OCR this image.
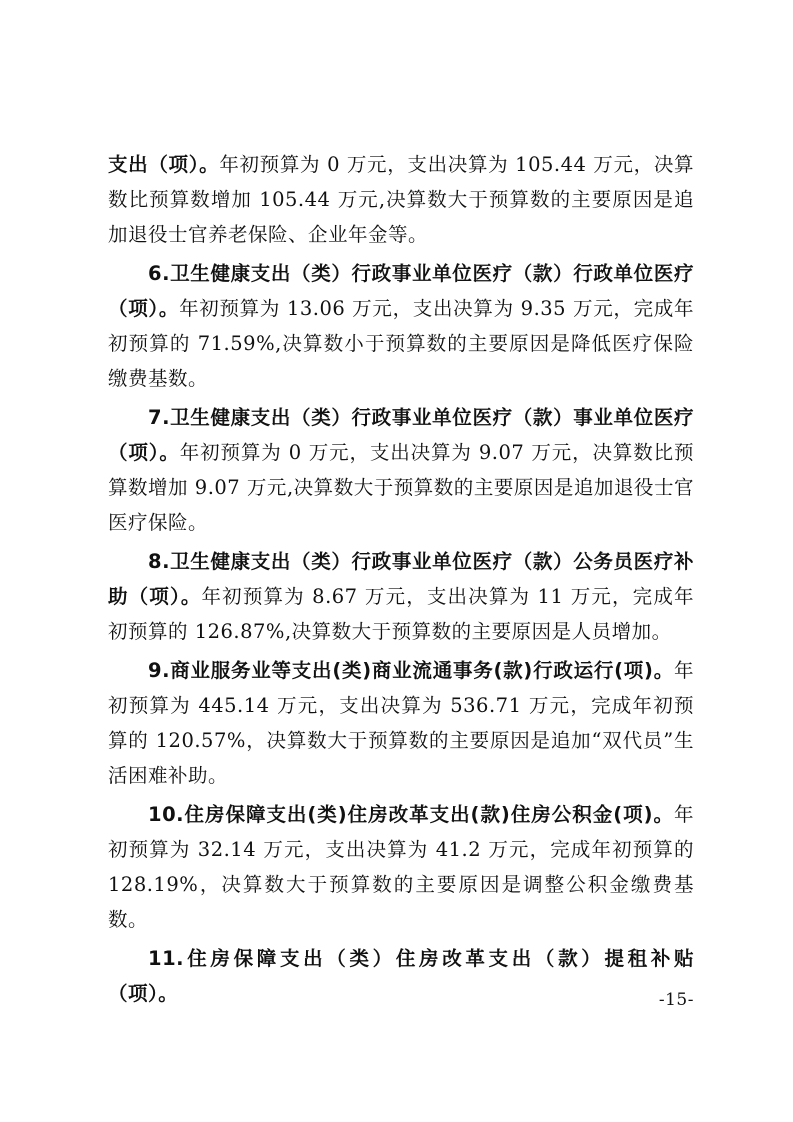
支出（项）。年初预算为 0 万元，支出决算为 105.44 万元，决算数比预算数增加 105.44 万元,决算数大于预算数的主要原因是追加退役士官养老保险、企业年金等。

6.卫生健康支出（类）行政事业单位医疗（款）行政单位医疗（项）。年初预算为 13.06 万元，支出决算为 9.35 万元，完成年初预算的 71.59%,决算数小于预算数的主要原因是降低医疗保险缴费基数。

7.卫生健康支出（类）行政事业单位医疗（款）事业单位医疗（项）。年初预算为 0 万元，支出决算为 9.07 万元，决算数比预算数增加 9.07 万元,决算数大于预算数的主要原因是追加退役士官医疗保险。

8.卫生健康支出（类）行政事业单位医疗（款）公务员医疗补助（项）。年初预算为 8.67 万元，支出决算为 11 万元，完成年初预算的 126.87%,决算数大于预算数的主要原因是人员增加。

9.商业服务业等支出(类)商业流通事务(款)行政运行(项)。年初预算为 445.14 万元，支出决算为 536.71 万元，完成年初预算的 120.57%，决算数大于预算数的主要原因是追加“双代员”生活困难补助。

10.住房保障支出(类)住房改革支出(款)住房公积金(项)。年初预算为 32.14 万元，支出决算为 41.2 万元，完成年初预算的 128.19%，决算数大于预算数的主要原因是调整公积金缴费基数。

11.住房保障支出（类）住房改革支出（款）提租补贴（项）。	-15-
